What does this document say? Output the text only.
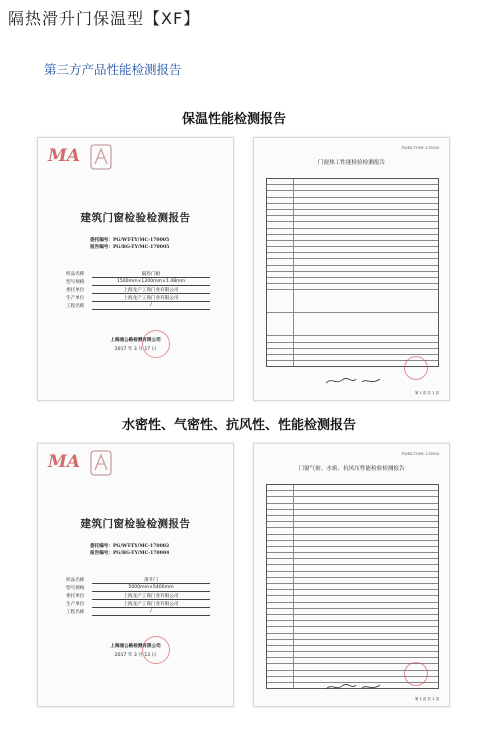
隔热滑升门保温型【XF】
第三方产品性能检测报告
保温性能检测报告
MA
建筑门窗检验检测报告
委托编号：PG/WT-TY/MC-170005
报告编号：PG/BG-TY/MC-170005
样品名称	隔热门板
型号规格	1500mm×1200mm×1.48mm
委托单位	上海龙产工商门业有限公司
生产单位	上海龙产工商门业有限公司
工程名称	/
上海浦公路检测有限公司
2017 年 3 月 17 日
PG/BG-TY/MC-170005
门窗热工性能检验检测报告
第 1 页 共 1 页
水密性、气密性、抗风性、性能检测报告
MA
建筑门窗检验检测报告
委托编号：PG/WT-TY/MC-170002
报告编号：PG/BG-TY/MC-170004
样品名称	滑升门
型号规格	5000mm×5400mm
委托单位	上海龙产工商门业有限公司
生产单位	上海龙产工商门业有限公司
工程名称	/
上海浦公路检测有限公司
2017 年 3 月 13 日
PG/BG-TY/MC-170004
门窗气密、水密、抗风压性能检验检测报告
第 1 页 共 1 页
